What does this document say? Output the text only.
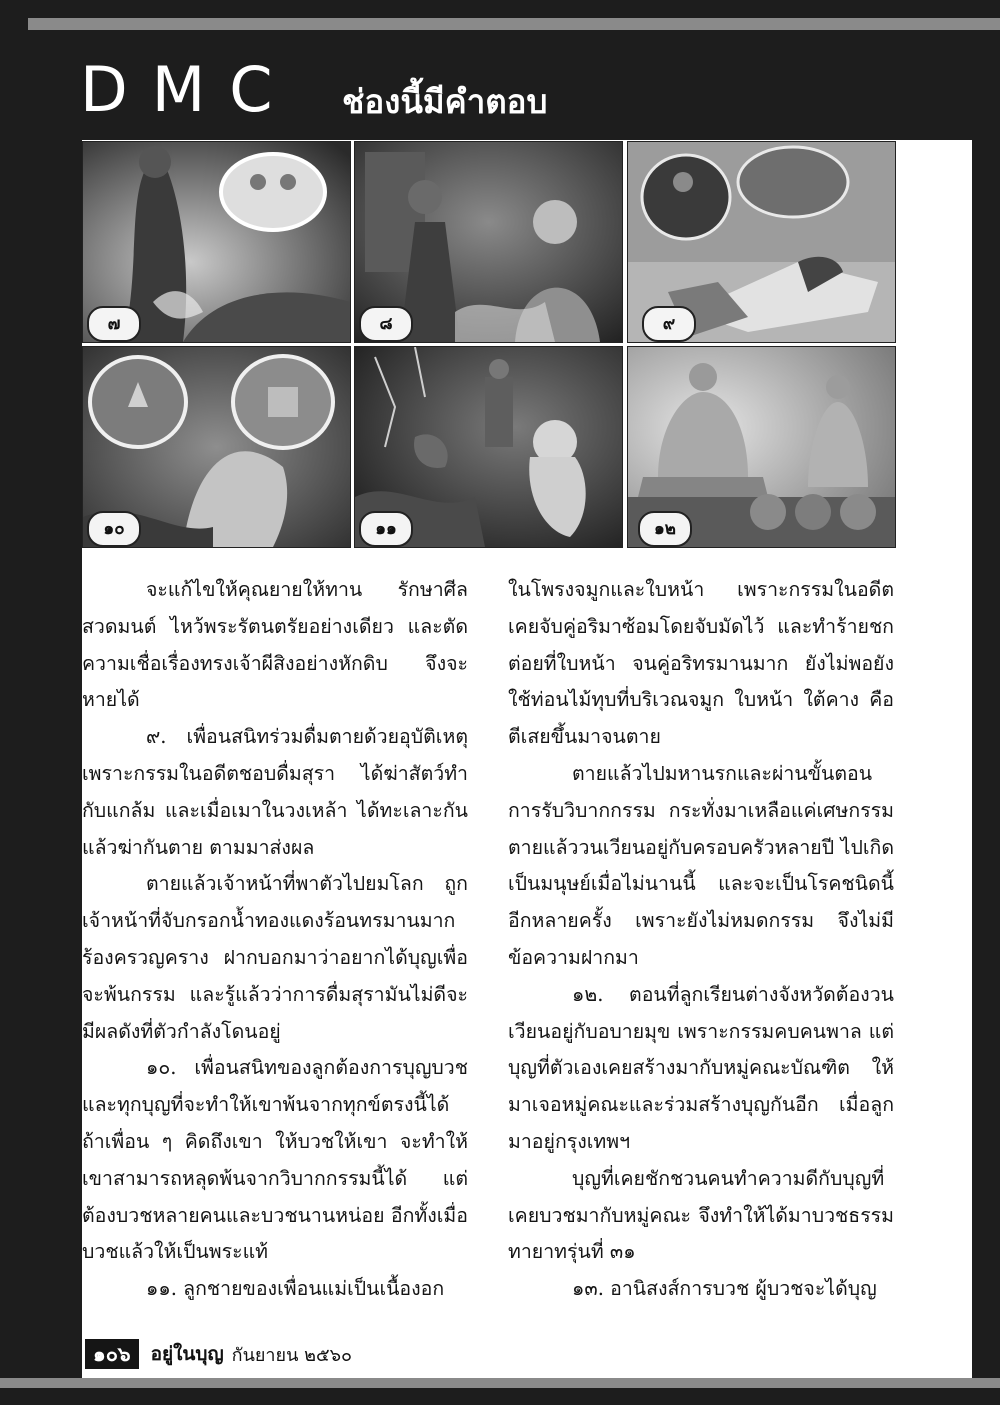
DMC ช่องนี้มีคำตอบ
๗	๘	๙
๑๐	๑๑	๑๒

จะแก้ไขให้คุณยายให้ทาน รักษาศีล สวดมนต์ ไหว้พระรัตนตรัยอย่างเดียว และตัดความเชื่อเรื่องทรงเจ้าผีสิงอย่างหักดิบ จึงจะหายได้

๙. เพื่อนสนิทร่วมดื่มตายด้วยอุบัติเหตุ เพราะกรรมในอดีตชอบดื่มสุรา ได้ฆ่าสัตว์ทำกับแกล้ม และเมื่อเมาในวงเหล้า ได้ทะเลาะกันแล้วฆ่ากันตาย ตามมาส่งผล

ตายแล้วเจ้าหน้าที่พาตัวไปยมโลก ถูกเจ้าหน้าที่จับกรอกน้ำทองแดงร้อนทรมานมาก ร้องครวญคราง ฝากบอกมาว่าอยากได้บุญเพื่อจะพ้นกรรม และรู้แล้วว่าการดื่มสุรามันไม่ดีจะมีผลดังที่ตัวกำลังโดนอยู่

๑๐. เพื่อนสนิทของลูกต้องการบุญบวชและทุกบุญที่จะทำให้เขาพ้นจากทุกข์ตรงนี้ได้ ถ้าเพื่อน ๆ คิดถึงเขา ให้บวชให้เขา จะทำให้เขาสามารถหลุดพ้นจากวิบากกรรมนี้ได้ แต่ต้องบวชหลายคนและบวชนานหน่อย อีกทั้งเมื่อบวชแล้วให้เป็นพระแท้

๑๑. ลูกชายของเพื่อนแม่เป็นเนื้องอก

ในโพรงจมูกและใบหน้า เพราะกรรมในอดีตเคยจับคู่อริมาซ้อมโดยจับมัดไว้ และทำร้ายชกต่อยที่ใบหน้า จนคู่อริทรมานมาก ยังไม่พอยังใช้ท่อนไม้ทุบที่บริเวณจมูก ใบหน้า ใต้คาง คือตีเสยขึ้นมาจนตาย

ตายแล้วไปมหานรกและผ่านขั้นตอนการรับวิบากกรรม กระทั่งมาเหลือแค่เศษกรรม ตายแล้ววนเวียนอยู่กับครอบครัวหลายปี ไปเกิดเป็นมนุษย์เมื่อไม่นานนี้ และจะเป็นโรคชนิดนี้อีกหลายครั้ง เพราะยังไม่หมดกรรม จึงไม่มีข้อความฝากมา

๑๒. ตอนที่ลูกเรียนต่างจังหวัดต้องวนเวียนอยู่กับอบายมุข เพราะกรรมคบคนพาล แต่บุญที่ตัวเองเคยสร้างมากับหมู่คณะบัณฑิต ให้มาเจอหมู่คณะและร่วมสร้างบุญกันอีก เมื่อลูกมาอยู่กรุงเทพฯ

บุญที่เคยชักชวนคนทำความดีกับบุญที่เคยบวชมากับหมู่คณะ จึงทำให้ได้มาบวชธรรมทายาทรุ่นที่ ๓๑

๑๓. อานิสงส์การบวช ผู้บวชจะได้บุญ

๑๐๖	อยู่ในบุญ กันยายน ๒๕๖๐
